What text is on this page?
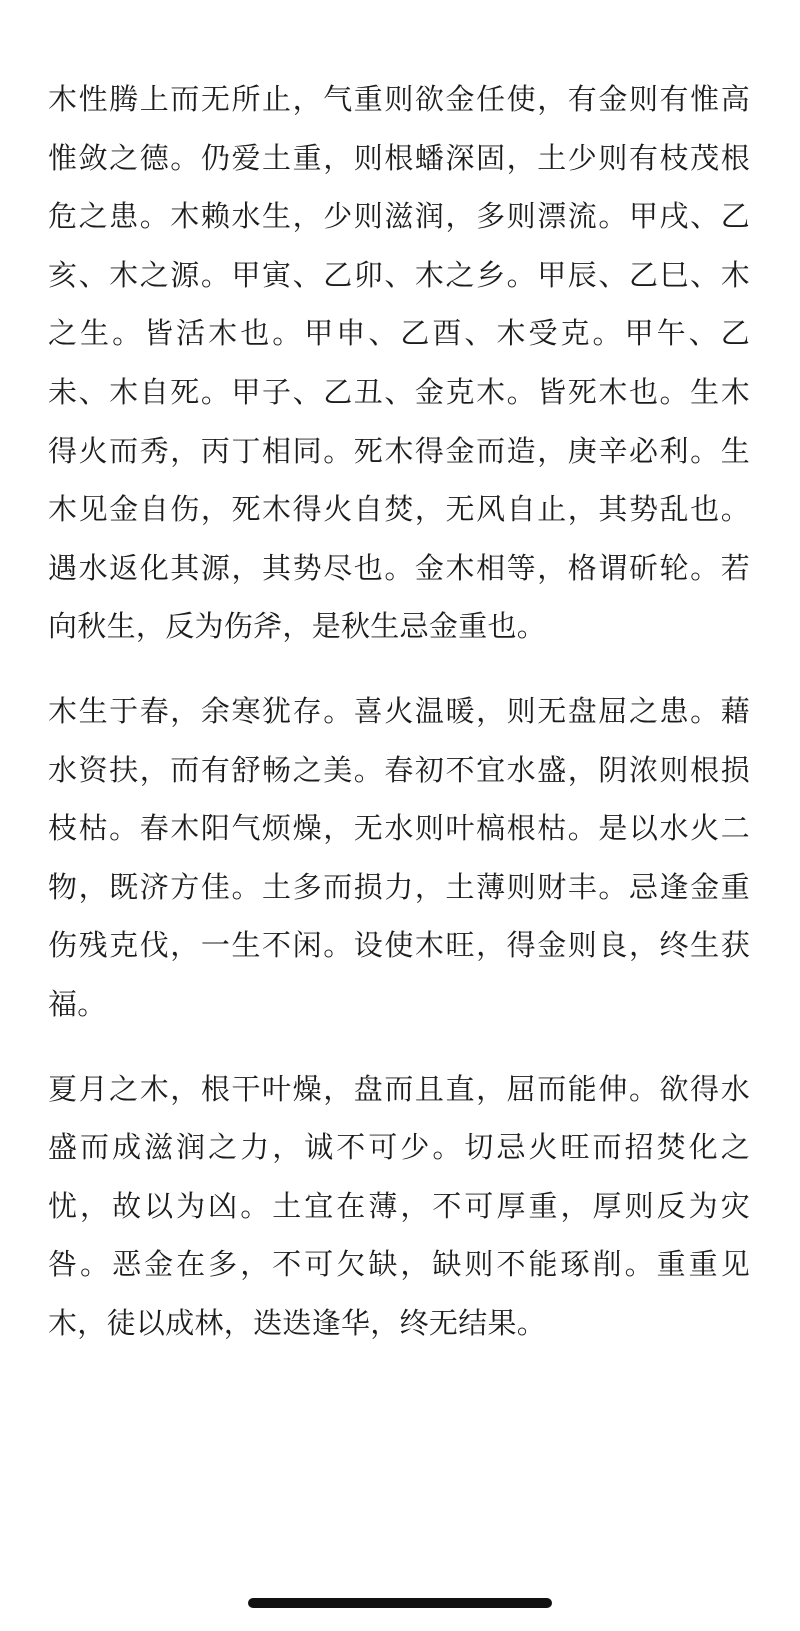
木性腾上而无所止，气重则欲金任使，有金则有惟高惟敛之德。仍爱土重，则根蟠深固，土少则有枝茂根危之患。木赖水生，少则滋润，多则漂流。甲戌、乙亥、木之源。甲寅、乙卯、木之乡。甲辰、乙巳、木之生。皆活木也。甲申、乙酉、木受克。甲午、乙未、木自死。甲子、乙丑、金克木。皆死木也。生木得火而秀，丙丁相同。死木得金而造，庚辛必利。生木见金自伤，死木得火自焚，无风自止，其势乱也。遇水返化其源，其势尽也。金木相等，格谓斫轮。若向秋生，反为伤斧，是秋生忌金重也。

木生于春，余寒犹存。喜火温暖，则无盘屈之患。藉水资扶，而有舒畅之美。春初不宜水盛，阴浓则根损枝枯。春木阳气烦燥，无水则叶槁根枯。是以水火二物，既济方佳。土多而损力，土薄则财丰。忌逢金重伤残克伐，一生不闲。设使木旺，得金则良，终生获福。

夏月之木，根干叶燥，盘而且直，屈而能伸。欲得水盛而成滋润之力，诚不可少。切忌火旺而招焚化之忧，故以为凶。土宜在薄，不可厚重，厚则反为灾咎。恶金在多，不可欠缺，缺则不能琢削。重重见木，徒以成林，迭迭逢华，终无结果。
